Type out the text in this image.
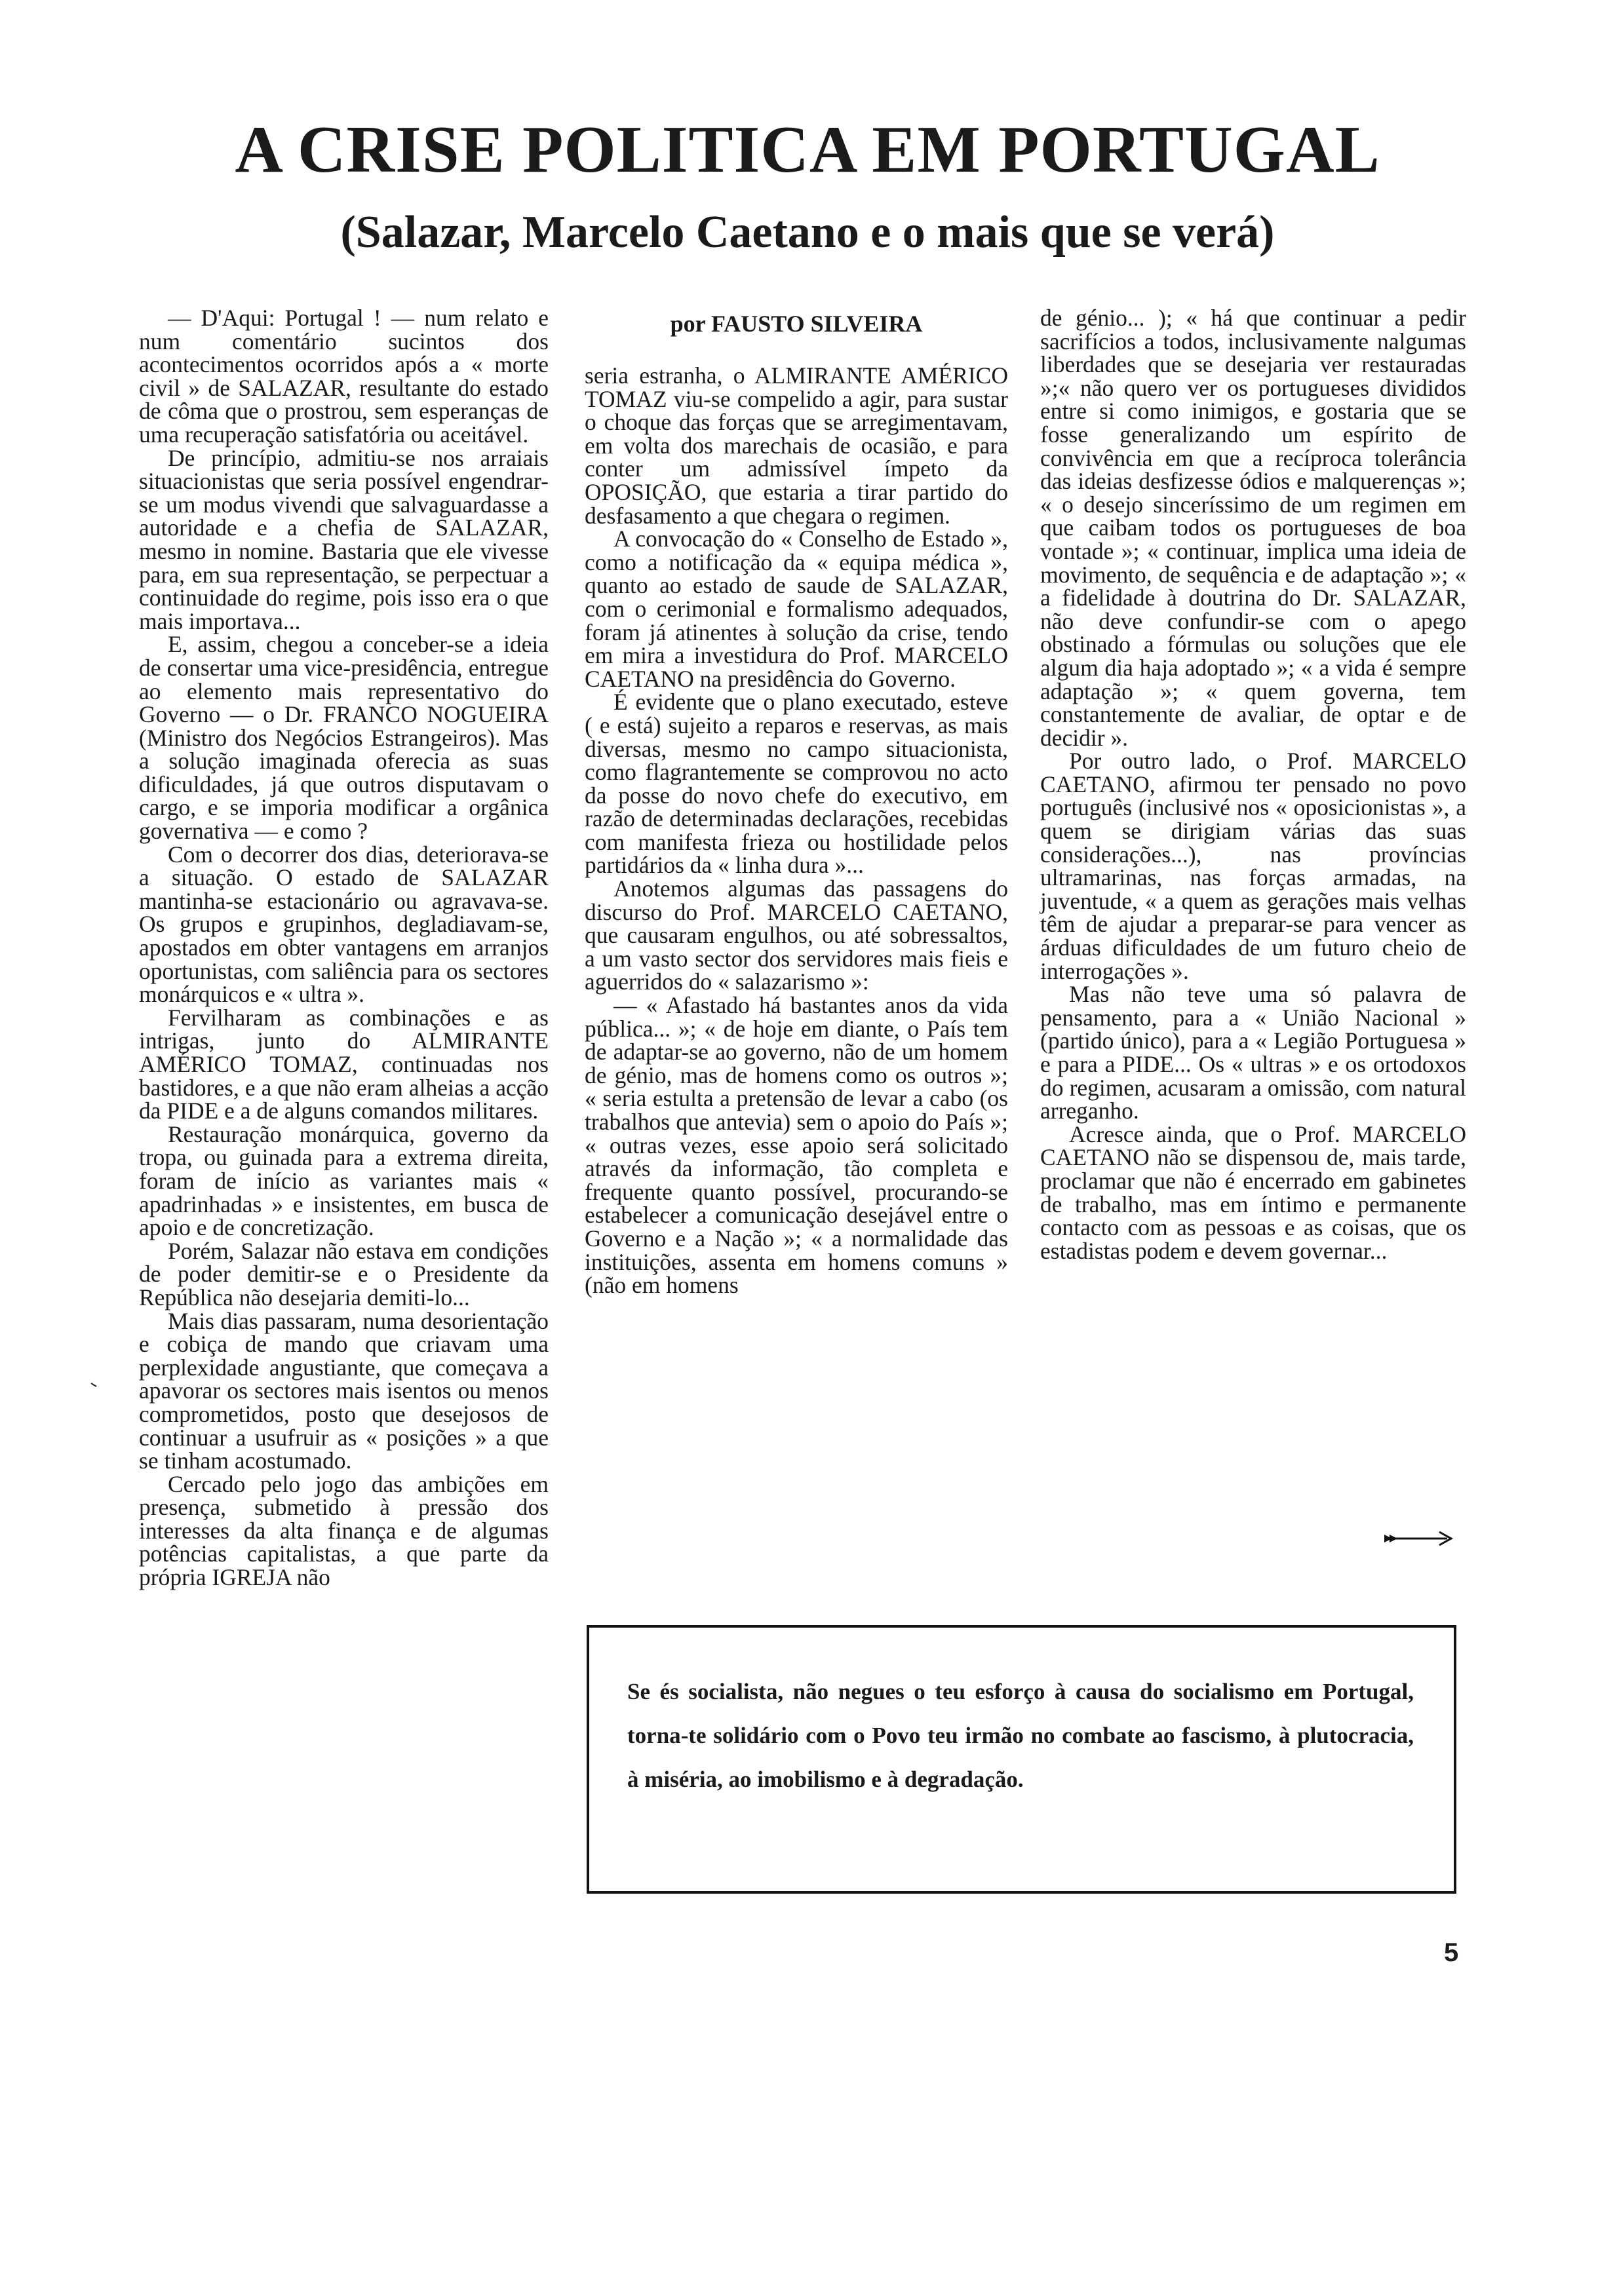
A CRISE POLITICA EM PORTUGAL
(Salazar, Marcelo Caetano e o mais que se verá)

— D'Aqui: Portugal ! — num relato e num comentário sucintos dos acontecimentos ocorridos após a « morte civil » de SALAZAR, resultante do estado de côma que o prostrou, sem esperanças de uma recuperação satisfatória ou aceitável.

De princípio, admitiu-se nos arraiais situacionistas que seria possível engendrar-se um modus vivendi que salvaguardasse a autoridade e a chefia de SALAZAR, mesmo in nomine. Bastaria que ele vivesse para, em sua representação, se perpectuar a continuidade do regime, pois isso era o que mais importava...

E, assim, chegou a conceber-se a ideia de consertar uma vice-presidência, entregue ao elemento mais representativo do Governo — o Dr. FRANCO NOGUEIRA (Ministro dos Negócios Estrangeiros). Mas a solução imaginada oferecia as suas dificuldades, já que outros disputavam o cargo, e se imporia modificar a orgânica governativa — e como ?

Com o decorrer dos dias, deteriorava-se a situação. O estado de SALAZAR mantinha-se estacionário ou agravava-se. Os grupos e grupinhos, degladiavam-se, apostados em obter vantagens em arranjos oportunistas, com saliência para os sectores monárquicos e « ultra ».

Fervilharam as combinações e as intrigas, junto do ALMIRANTE AMÉRICO TOMAZ, continuadas nos bastidores, e a que não eram alheias a acção da PIDE e a de alguns comandos militares.

Restauração monárquica, governo da tropa, ou guinada para a extrema direita, foram de início as variantes mais « apadrinhadas » e insistentes, em busca de apoio e de concretização.

Porém, Salazar não estava em condições de poder demitir-se e o Presidente da República não desejaria demiti-lo...

Mais dias passaram, numa desorientação e cobiça de mando que criavam uma perplexidade angustiante, que começava a apavorar os sectores mais isentos ou menos comprometidos, posto que desejosos de continuar a usufruir as « posições » a que se tinham acostumado.

Cercado pelo jogo das ambições em presença, submetido à pressão dos interesses da alta finança e de algumas potências capitalistas, a que parte da própria IGREJA não

por FAUSTO SILVEIRA

seria estranha, o ALMIRANTE AMÉRICO TOMAZ viu-se compelido a agir, para sustar o choque das forças que se arregimentavam, em volta dos marechais de ocasião, e para conter um admissível ímpeto da OPOSIÇÃO, que estaria a tirar partido do desfasamento a que chegara o regimen.

A convocação do « Conselho de Estado », como a notificação da « equipa médica », quanto ao estado de saude de SALAZAR, com o cerimonial e formalismo adequados, foram já atinentes à solução da crise, tendo em mira a investidura do Prof. MARCELO CAETANO na presidência do Governo.

É evidente que o plano executado, esteve ( e está) sujeito a reparos e reservas, as mais diversas, mesmo no campo situacionista, como flagrantemente se comprovou no acto da posse do novo chefe do executivo, em razão de determinadas declarações, recebidas com manifesta frieza ou hostilidade pelos partidários da « linha dura »...

Anotemos algumas das passagens do discurso do Prof. MARCELO CAETANO, que causaram engulhos, ou até sobressaltos, a um vasto sector dos servidores mais fieis e aguerridos do « salazarismo »:

— « Afastado há bastantes anos da vida pública... »; « de hoje em diante, o País tem de adaptar-se ao governo, não de um homem de génio, mas de homens como os outros »; « seria estulta a pretensão de levar a cabo (os trabalhos que antevia) sem o apoio do País »; « outras vezes, esse apoio será solicitado através da informação, tão completa e frequente quanto possível, procurando-se estabelecer a comunicação desejável entre o Governo e a Nação »; « a normalidade das instituições, assenta em homens comuns » (não em homens

de génio... ); « há que continuar a pedir sacrifícios a todos, inclusivamente nalgumas liberdades que se desejaria ver restauradas »;« não quero ver os portugueses divididos entre si como inimigos, e gostaria que se fosse generalizando um espírito de convivência em que a recíproca tolerância das ideias desfizesse ódios e malquerenças »; « o desejo sinceríssimo de um regimen em que caibam todos os portugueses de boa vontade »; « continuar, implica uma ideia de movimento, de sequência e de adaptação »; « a fidelidade à doutrina do Dr. SALAZAR, não deve confundir-se com o apego obstinado a fórmulas ou soluções que ele algum dia haja adoptado »; « a vida é sempre adaptação »; « quem governa, tem constantemente de avaliar, de optar e de decidir ».

Por outro lado, o Prof. MARCELO CAETANO, afirmou ter pensado no povo português (inclusivé nos « oposicionistas », a quem se dirigiam várias das suas considerações...), nas províncias ultramarinas, nas forças armadas, na juventude, « a quem as gerações mais velhas têm de ajudar a preparar-se para vencer as árduas dificuldades de um futuro cheio de interrogações ».

Mas não teve uma só palavra de pensamento, para a « União Nacional » (partido único), para a « Legião Portuguesa » e para a PIDE... Os « ultras » e os ortodoxos do regimen, acusaram a omissão, com natural arreganho.

Acresce ainda, que o Prof. MARCELO CAETANO não se dispensou de, mais tarde, proclamar que não é encerrado em gabinetes de trabalho, mas em íntimo e permanente contacto com as pessoas e as coisas, que os estadistas podem e devem governar...

Se és socialista, não negues o teu esforço à causa do socialismo em Portugal, torna-te solidário com o Povo teu irmão no combate ao fascismo, à plutocracia, à miséria, ao imobilismo e à degradação.

5
